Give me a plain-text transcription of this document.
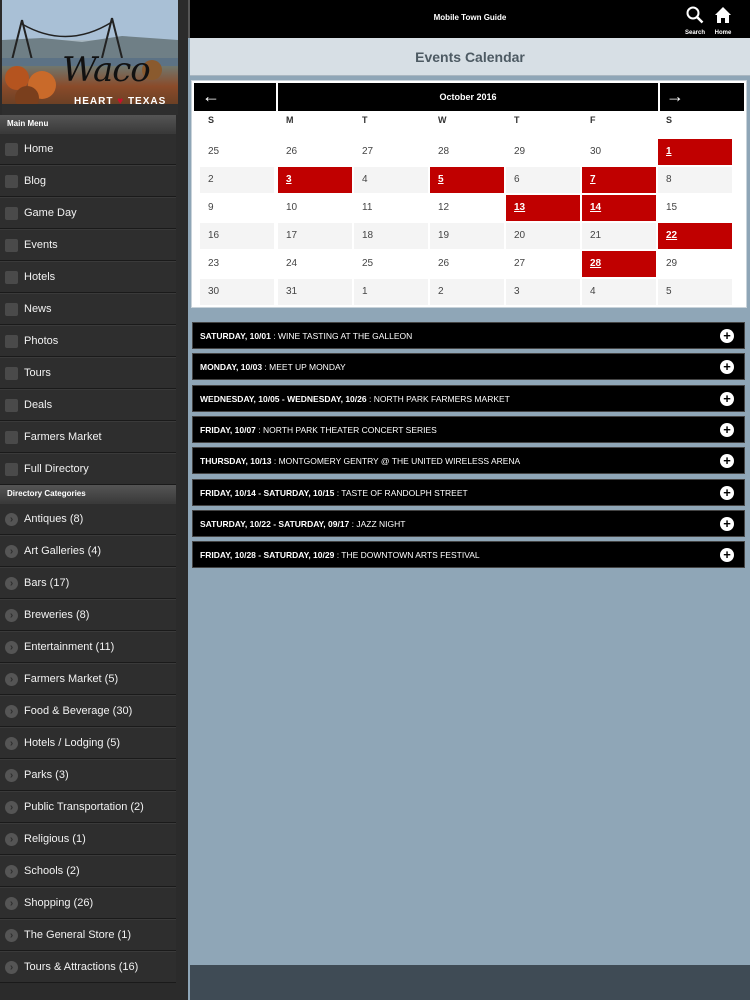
Waco
HEART ♥ TEXAS
Main Menu
Home
Blog
Game Day
Events
Hotels
News
Photos
Tours
Deals
Farmers Market
Full Directory
Directory Categories
› Antiques (8)
› Art Galleries (4)
› Bars (17)
› Breweries (8)
› Entertainment (11)
› Farmers Market (5)
› Food & Beverage (30)
› Hotels / Lodging (5)
› Parks (3)
› Public Transportation (2)
› Religious (1)
› Schools (2)
› Shopping (26)
› The General Store (1)
› Tours & Attractions (16)
Mobile Town Guide
Search	Home
Events Calendar
←	October 2016	→
S	M	T	W	T	F	S
25	26	27	28	29	30	1
2	3	4	5	6	7	8
9	10	11	12	13	14	15
16	17	18	19	20	21	22
23	24	25	26	27	28	29
30	31	1	2	3	4	5
SATURDAY, 10/01 : WINE TASTING AT THE GALLEON	+
MONDAY, 10/03 : MEET UP MONDAY	+
WEDNESDAY, 10/05 - WEDNESDAY, 10/26 : NORTH PARK FARMERS MARKET	+
FRIDAY, 10/07 : NORTH PARK THEATER CONCERT SERIES	+
THURSDAY, 10/13 : MONTGOMERY GENTRY @ THE UNITED WIRELESS ARENA	+
FRIDAY, 10/14 - SATURDAY, 10/15 : TASTE OF RANDOLPH STREET	+
SATURDAY, 10/22 - SATURDAY, 09/17 : JAZZ NIGHT	+
FRIDAY, 10/28 - SATURDAY, 10/29 : THE DOWNTOWN ARTS FESTIVAL	+
